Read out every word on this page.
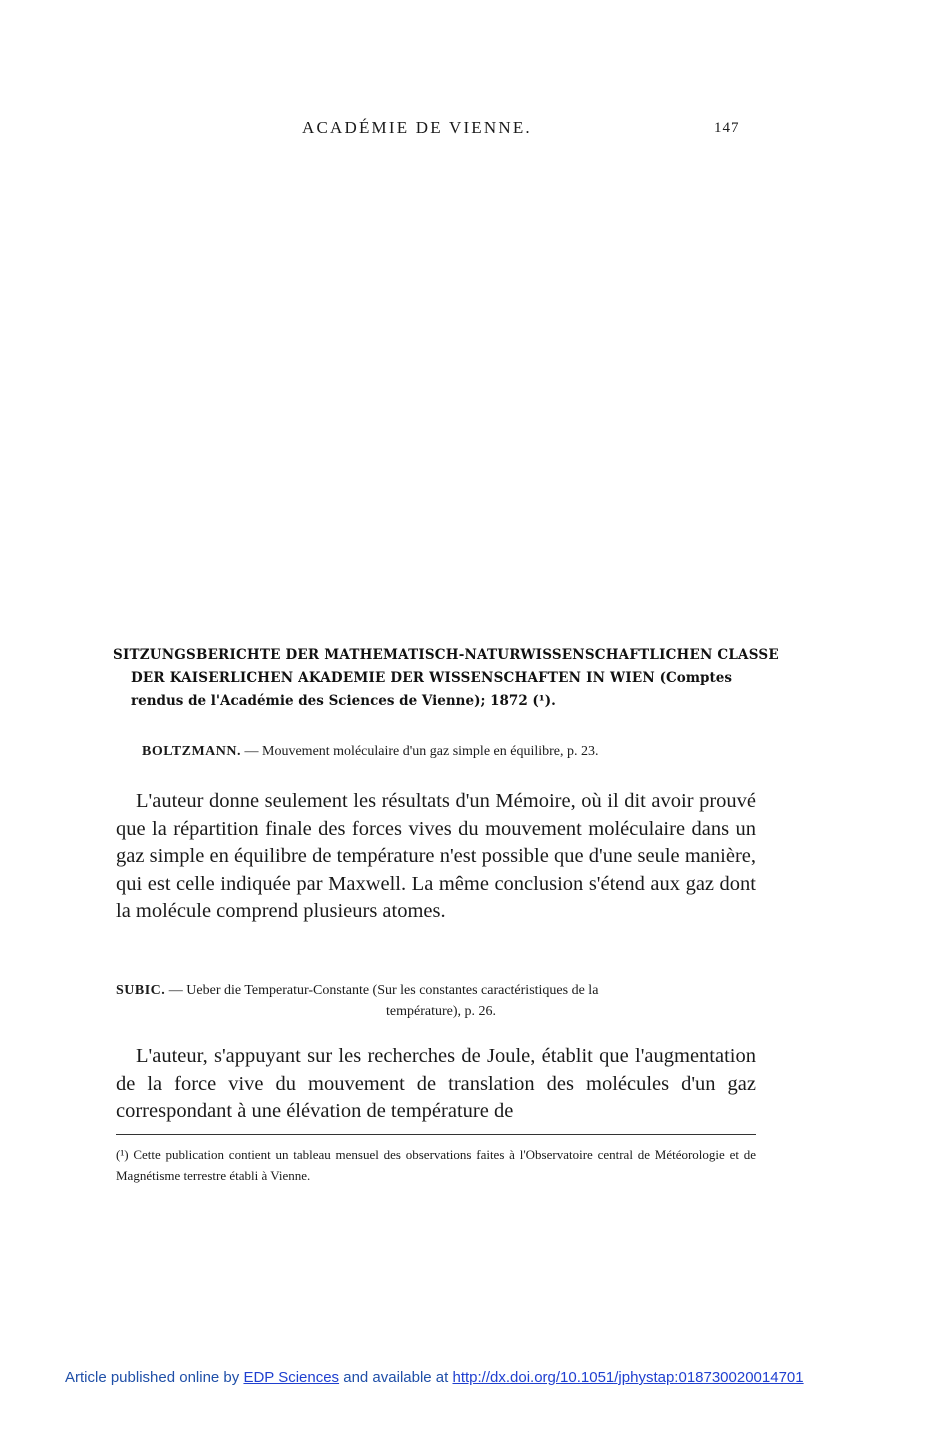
ACADÉMIE DE VIENNE.	147
SITZUNGSBERICHTE DER MATHEMATISCH-NATURWISSENSCHAFTLICHEN CLASSE
DER KAISERLICHEN AKADEMIE DER WISSENSCHAFTEN IN WIEN (Comptes
rendus de l'Académie des Sciences de Vienne); 1872 (¹).
BOLTZMANN. — Mouvement moléculaire d'un gaz simple en équilibre, p. 23.

L'auteur donne seulement les résultats d'un Mémoire, où il dit avoir prouvé que la répartition finale des forces vives du mouvement moléculaire dans un gaz simple en équilibre de température n'est possible que d'une seule manière, qui est celle indiquée par Maxwell. La même conclusion s'étend aux gaz dont la molécule comprend plusieurs atomes.

SUBIC. — Ueber die Temperatur-Constante (Sur les constantes caractéristiques de la
température), p. 26.

L'auteur, s'appuyant sur les recherches de Joule, établit que l'augmentation de la force vive du mouvement de translation des molécules d'un gaz correspondant à une élévation de température de

(¹) Cette publication contient un tableau mensuel des observations faites à l'Observatoire central de Météorologie et de Magnétisme terrestre établi à Vienne.
Article published online by EDP Sciences and available at http://dx.doi.org/10.1051/jphystap:018730020014701
